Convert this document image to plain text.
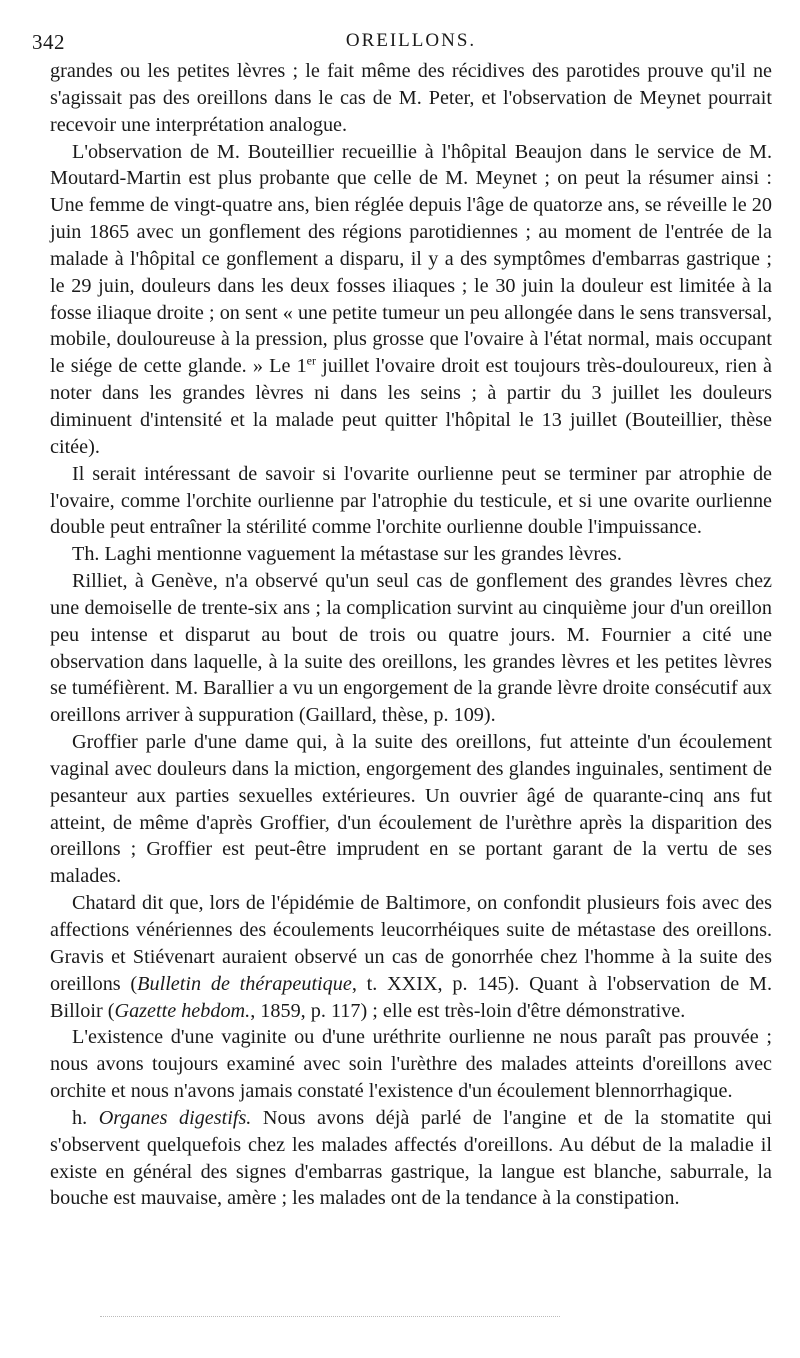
342	OREILLONS.

grandes ou les petites lèvres ; le fait même des récidives des parotides prouve qu'il ne s'agissait pas des oreillons dans le cas de M. Peter, et l'observation de Meynet pourrait recevoir une interprétation analogue.

L'observation de M. Bouteillier recueillie à l'hôpital Beaujon dans le service de M. Moutard-Martin est plus probante que celle de M. Meynet ; on peut la résumer ainsi : Une femme de vingt-quatre ans, bien réglée depuis l'âge de quatorze ans, se réveille le 20 juin 1865 avec un gonflement des régions parotidiennes ; au moment de l'entrée de la malade à l'hôpital ce gonflement a disparu, il y a des symptômes d'embarras gastrique ; le 29 juin, douleurs dans les deux fosses iliaques ; le 30 juin la douleur est limitée à la fosse iliaque droite ; on sent « une petite tumeur un peu allongée dans le sens transversal, mobile, douloureuse à la pression, plus grosse que l'ovaire à l'état normal, mais occupant le siége de cette glande. » Le 1er juillet l'ovaire droit est toujours très-douloureux, rien à noter dans les grandes lèvres ni dans les seins ; à partir du 3 juillet les douleurs diminuent d'intensité et la malade peut quitter l'hôpital le 13 juillet (Bouteillier, thèse citée).

Il serait intéressant de savoir si l'ovarite ourlienne peut se terminer par atrophie de l'ovaire, comme l'orchite ourlienne par l'atrophie du testicule, et si une ovarite ourlienne double peut entraîner la stérilité comme l'orchite ourlienne double l'impuissance.

Th. Laghi mentionne vaguement la métastase sur les grandes lèvres.

Rilliet, à Genève, n'a observé qu'un seul cas de gonflement des grandes lèvres chez une demoiselle de trente-six ans ; la complication survint au cinquième jour d'un oreillon peu intense et disparut au bout de trois ou quatre jours. M. Fournier a cité une observation dans laquelle, à la suite des oreillons, les grandes lèvres et les petites lèvres se tuméfièrent. M. Barallier a vu un engorgement de la grande lèvre droite consécutif aux oreillons arriver à suppuration (Gaillard, thèse, p. 109).

Groffier parle d'une dame qui, à la suite des oreillons, fut atteinte d'un écoulement vaginal avec douleurs dans la miction, engorgement des glandes inguinales, sentiment de pesanteur aux parties sexuelles extérieures. Un ouvrier âgé de quarante-cinq ans fut atteint, de même d'après Groffier, d'un écoulement de l'urèthre après la disparition des oreillons ; Groffier est peut-être imprudent en se portant garant de la vertu de ses malades.

Chatard dit que, lors de l'épidémie de Baltimore, on confondit plusieurs fois avec des affections vénériennes des écoulements leucorrhéiques suite de métastase des oreillons. Gravis et Stiévenart auraient observé un cas de gonorrhée chez l'homme à la suite des oreillons (Bulletin de thérapeutique, t. XXIX, p. 145). Quant à l'observation de M. Billoir (Gazette hebdom., 1859, p. 117) ; elle est très-loin d'être démonstrative.

L'existence d'une vaginite ou d'une uréthrite ourlienne ne nous paraît pas prouvée ; nous avons toujours examiné avec soin l'urèthre des malades atteints d'oreillons avec orchite et nous n'avons jamais constaté l'existence d'un écoulement blennorrhagique.

h. Organes digestifs. Nous avons déjà parlé de l'angine et de la stomatite qui s'observent quelquefois chez les malades affectés d'oreillons. Au début de la maladie il existe en général des signes d'embarras gastrique, la langue est blanche, saburrale, la bouche est mauvaise, amère ; les malades ont de la tendance à la constipation.
